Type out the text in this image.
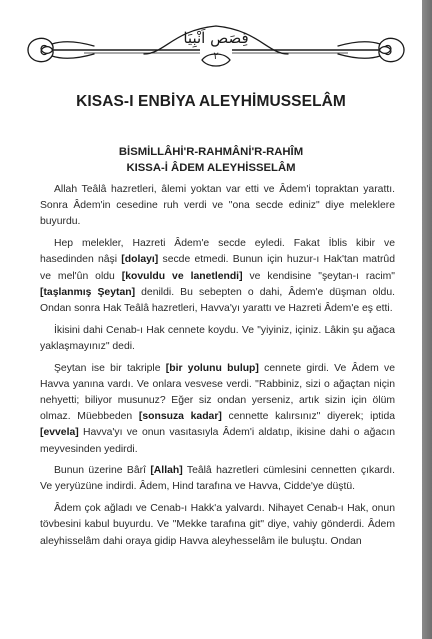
قِصَص اَنْبِيَا
٢
KISAS-I ENBİYA ALEYHİMUSSELÂM
BİSMİLLÂHİ'R-RAHMÂNİ'R-RAHÎM
KISSA-İ ÂDEM ALEYHİSSELÂM

Allah Teâlâ hazretleri, âlemi yoktan var etti ve Âdem'i topraktan yarattı. Sonra Âdem'in cesedine ruh verdi ve "ona secde ediniz" diye meleklere buyurdu.

Hep melekler, Hazreti Âdem'e secde eyledi. Fakat İblis kibir ve hasedinden nâşi [dolayı] secde etmedi. Bunun için huzur-ı Hak'tan matrûd ve mel'ûn oldu [kovuldu ve lanetlendi] ve kendisine "şeytan-ı racim" [taşlanmış Şeytan] denildi. Bu sebepten o dahi, Âdem'e düşman oldu. Ondan sonra Hak Teâlâ hazretleri, Havva'yı yarattı ve Hazreti Âdem'e eş etti.

İkisini dahi Cenab-ı Hak cennete koydu. Ve "yiyiniz, içiniz. Lâkin şu ağaca yaklaşmayınız" dedi.

Şeytan ise bir takriple [bir yolunu bulup] cennete girdi. Ve Âdem ve Havva yanına vardı. Ve onlara vesvese verdi. "Rabbiniz, sizi o ağaçtan niçin nehyetti; biliyor musunuz? Eğer siz ondan yerseniz, artık sizin için ölüm olmaz. Müebbeden [sonsuza kadar] cennette kalırsınız" diyerek; iptida [evvela] Havva'yı ve onun vasıtasıyla Âdem'i aldatıp, ikisine dahi o ağacın meyvesinden yedirdi.

Bunun üzerine Bârî [Allah] Teâlâ hazretleri cümlesini cennetten çıkardı. Ve yeryüzüne indirdi. Âdem, Hind tarafına ve Havva, Cidde'ye düştü.

Âdem çok ağladı ve Cenab-ı Hakk'a yalvardı. Nihayet Cenab-ı Hak, onun tövbesini kabul buyurdu. Ve "Mekke tarafına git" diye, vahiy gönderdi. Âdem aleyhisselâm dahi oraya gidip Havva aleyhesselâm ile buluştu. Ondan
